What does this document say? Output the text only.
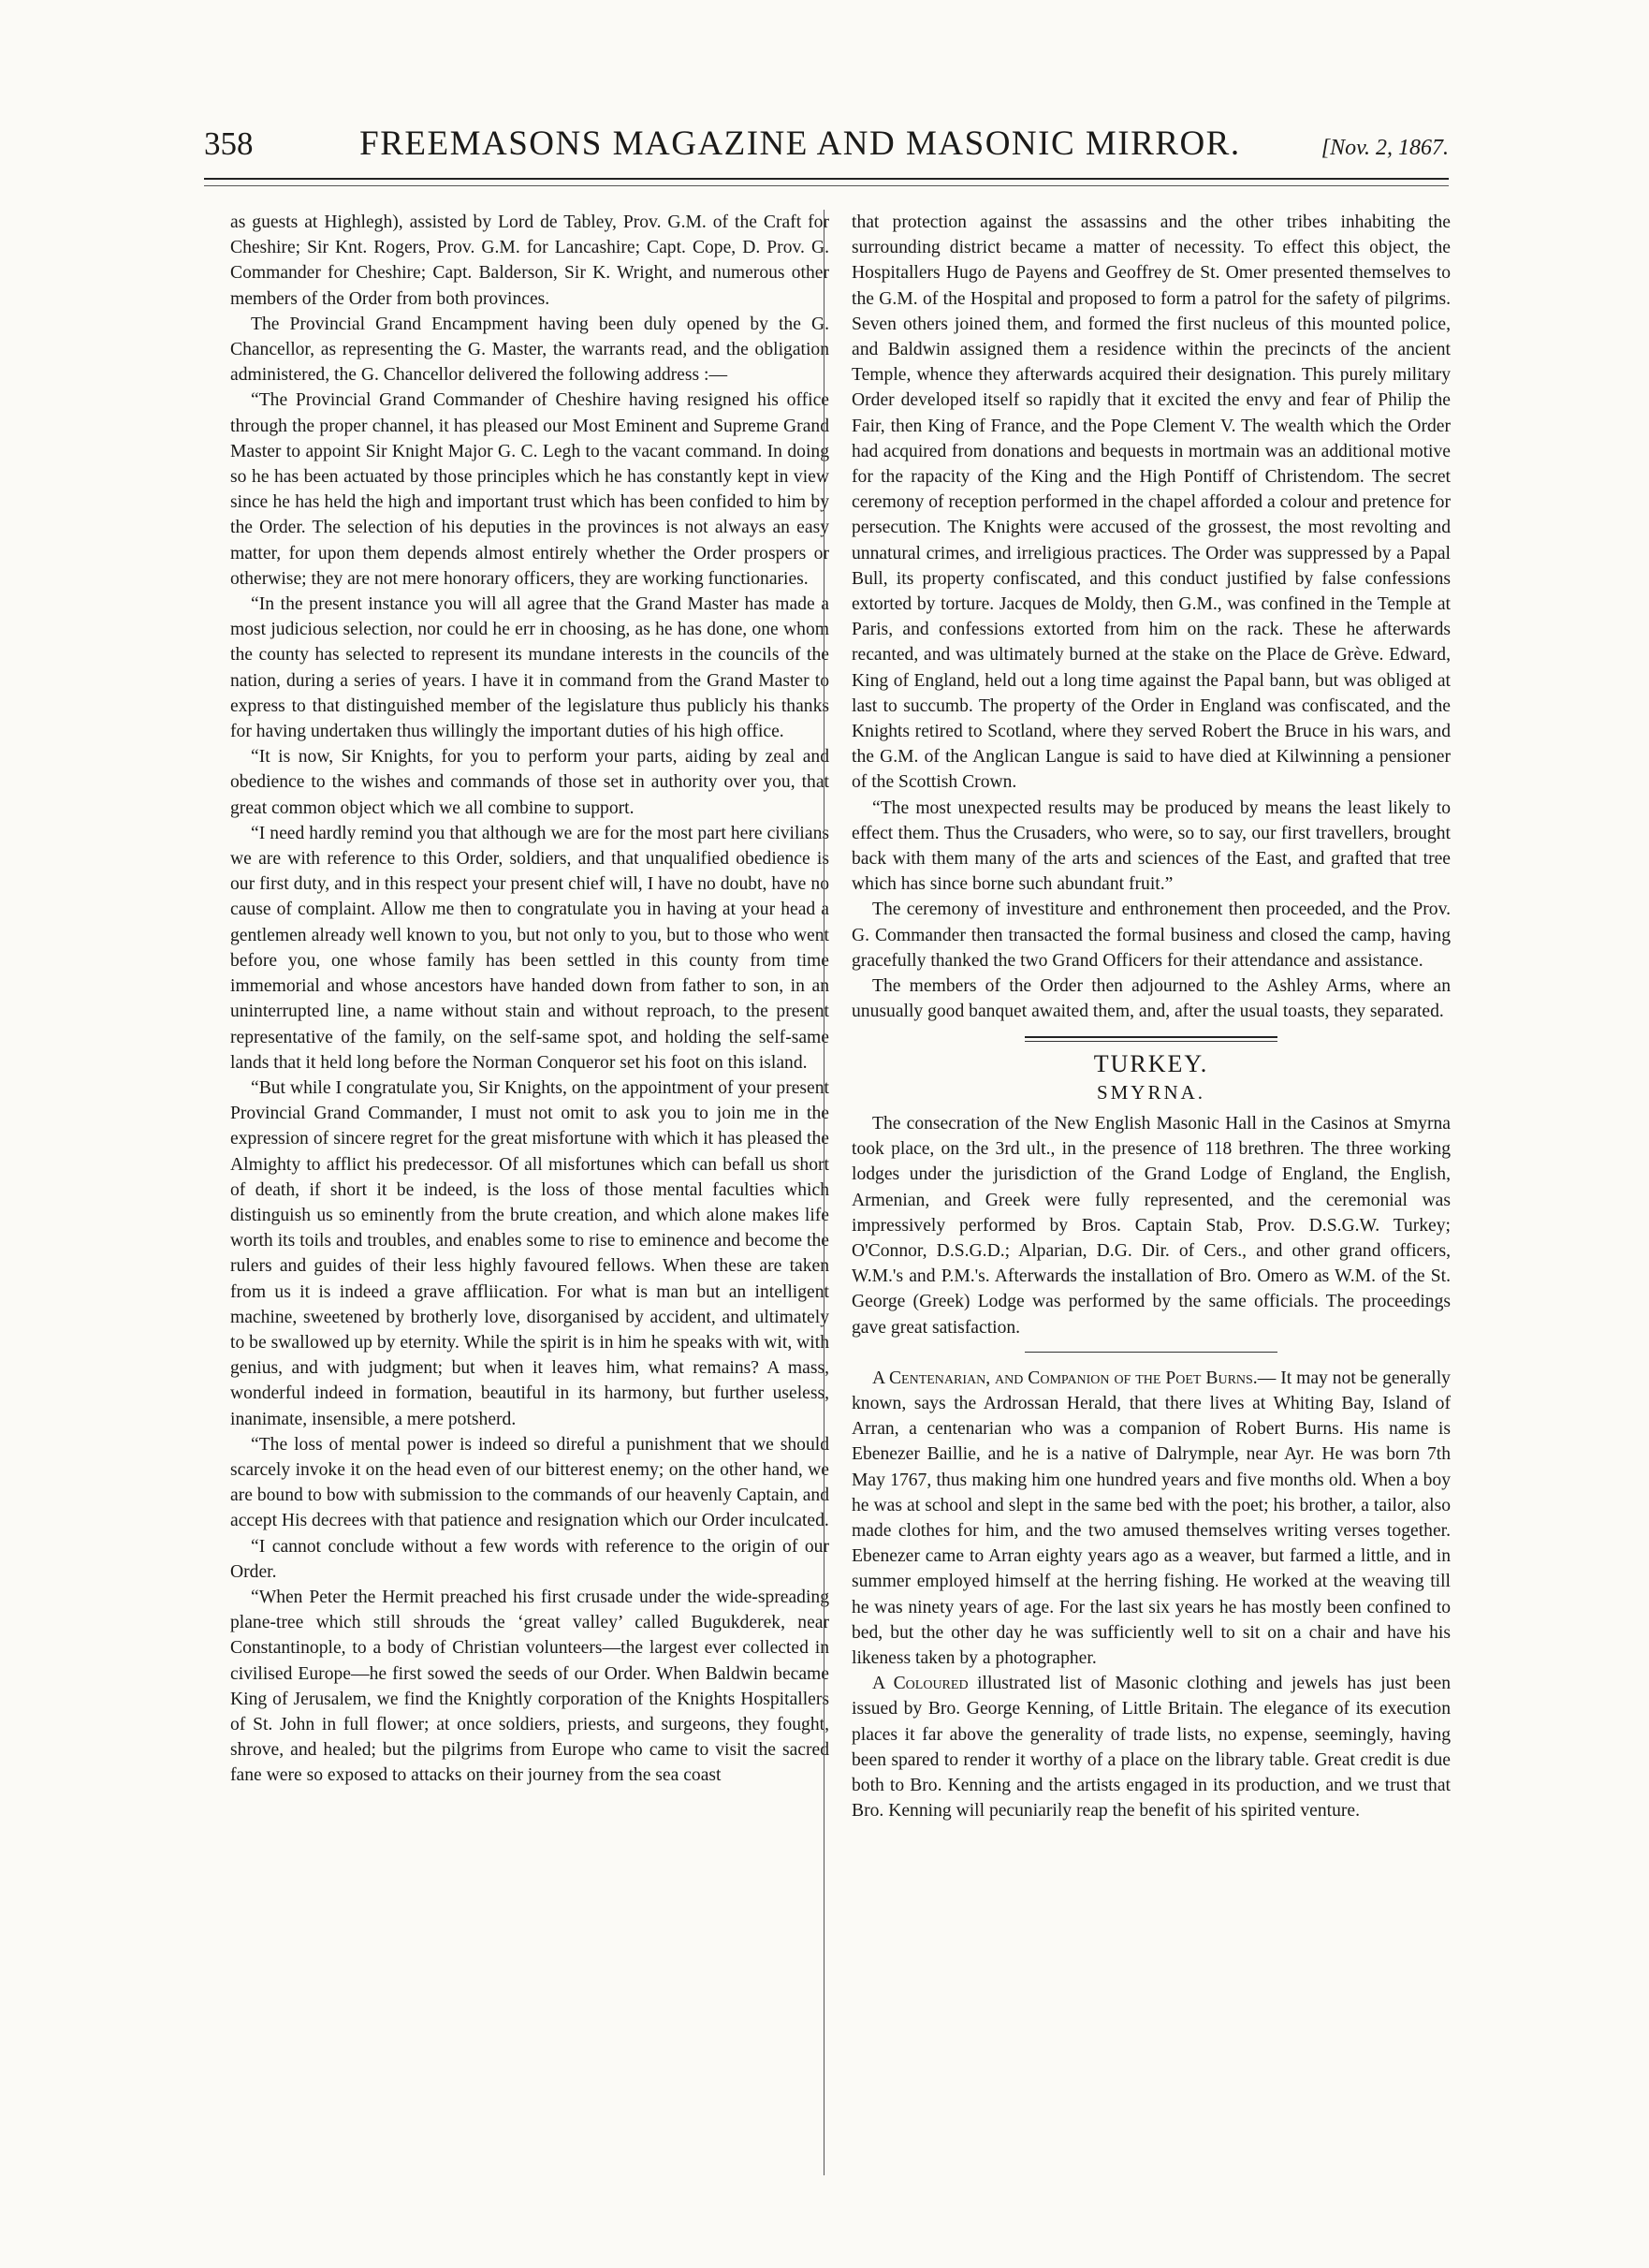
358	FREEMASONS MAGAZINE AND MASONIC MIRROR.	[Nov. 2, 1867.

as guests at Highlegh), assisted by Lord de Tabley, Prov. G.M. of the Craft for Cheshire; Sir Knt. Rogers, Prov. G.M. for Lancashire; Capt. Cope, D. Prov. G. Commander for Cheshire; Capt. Balderson, Sir K. Wright, and numerous other members of the Order from both provinces.

The Provincial Grand Encampment having been duly opened by the G. Chancellor, as representing the G. Master, the warrants read, and the obligation administered, the G. Chancellor delivered the following address :—

“The Provincial Grand Commander of Cheshire having resigned his office through the proper channel, it has pleased our Most Eminent and Supreme Grand Master to appoint Sir Knight Major G. C. Legh to the vacant command. In doing so he has been actuated by those principles which he has constantly kept in view since he has held the high and important trust which has been confided to him by the Order. The selection of his deputies in the provinces is not always an easy matter, for upon them depends almost entirely whether the Order prospers or otherwise; they are not mere honorary officers, they are working functionaries.

“In the present instance you will all agree that the Grand Master has made a most judicious selection, nor could he err in choosing, as he has done, one whom the county has selected to represent its mundane interests in the councils of the nation, during a series of years. I have it in command from the Grand Master to express to that distinguished member of the legislature thus publicly his thanks for having undertaken thus willingly the important duties of his high office.

“It is now, Sir Knights, for you to perform your parts, aiding by zeal and obedience to the wishes and commands of those set in authority over you, that great common object which we all combine to support.

“I need hardly remind you that although we are for the most part here civilians we are with reference to this Order, soldiers, and that unqualified obedience is our first duty, and in this respect your present chief will, I have no doubt, have no cause of complaint. Allow me then to congratulate you in having at your head a gentlemen already well known to you, but not only to you, but to those who went before you, one whose family has been settled in this county from time immemorial and whose ancestors have handed down from father to son, in an uninterrupted line, a name without stain and without reproach, to the present representative of the family, on the self-same spot, and holding the self-same lands that it held long before the Norman Conqueror set his foot on this island.

“But while I congratulate you, Sir Knights, on the appointment of your present Provincial Grand Commander, I must not omit to ask you to join me in the expression of sincere regret for the great misfortune with which it has pleased the Almighty to afflict his predecessor. Of all misfortunes which can befall us short of death, if short it be indeed, is the loss of those mental faculties which distinguish us so eminently from the brute creation, and which alone makes life worth its toils and troubles, and enables some to rise to eminence and become the rulers and guides of their less highly favoured fellows. When these are taken from us it is indeed a grave affliication. For what is man but an intelligent machine, sweetened by brotherly love, disorganised by accident, and ultimately to be swallowed up by eternity. While the spirit is in him he speaks with wit, with genius, and with judgment; but when it leaves him, what remains? A mass, wonderful indeed in formation, beautiful in its harmony, but further useless, inanimate, insensible, a mere potsherd.

“The loss of mental power is indeed so direful a punishment that we should scarcely invoke it on the head even of our bitterest enemy; on the other hand, we are bound to bow with submission to the commands of our heavenly Captain, and accept His decrees with that patience and resignation which our Order inculcated.

“I cannot conclude without a few words with reference to the origin of our Order.

“When Peter the Hermit preached his first crusade under the wide-spreading plane-tree which still shrouds the ‘great valley’ called Bugukderek, near Constantinople, to a body of Christian volunteers—the largest ever collected in civilised Europe—he first sowed the seeds of our Order. When Baldwin became King of Jerusalem, we find the Knightly corporation of the Knights Hospitallers of St. John in full flower; at once soldiers, priests, and surgeons, they fought, shrove, and healed; but the pilgrims from Europe who came to visit the sacred fane were so exposed to attacks on their journey from the sea coast

that protection against the assassins and the other tribes inhabiting the surrounding district became a matter of necessity. To effect this object, the Hospitallers Hugo de Payens and Geoffrey de St. Omer presented themselves to the G.M. of the Hospital and proposed to form a patrol for the safety of pilgrims. Seven others joined them, and formed the first nucleus of this mounted police, and Baldwin assigned them a residence within the precincts of the ancient Temple, whence they afterwards acquired their designation. This purely military Order developed itself so rapidly that it excited the envy and fear of Philip the Fair, then King of France, and the Pope Clement V. The wealth which the Order had acquired from donations and bequests in mortmain was an additional motive for the rapacity of the King and the High Pontiff of Christendom. The secret ceremony of reception performed in the chapel afforded a colour and pretence for persecution. The Knights were accused of the grossest, the most revolting and unnatural crimes, and irreligious practices. The Order was suppressed by a Papal Bull, its property confiscated, and this conduct justified by false confessions extorted by torture. Jacques de Moldy, then G.M., was confined in the Temple at Paris, and confessions extorted from him on the rack. These he afterwards recanted, and was ultimately burned at the stake on the Place de Grève. Edward, King of England, held out a long time against the Papal bann, but was obliged at last to succumb. The property of the Order in England was confiscated, and the Knights retired to Scotland, where they served Robert the Bruce in his wars, and the G.M. of the Anglican Langue is said to have died at Kilwinning a pensioner of the Scottish Crown.

“The most unexpected results may be produced by means the least likely to effect them. Thus the Crusaders, who were, so to say, our first travellers, brought back with them many of the arts and sciences of the East, and grafted that tree which has since borne such abundant fruit.”

The ceremony of investiture and enthronement then proceeded, and the Prov. G. Commander then transacted the formal business and closed the camp, having gracefully thanked the two Grand Officers for their attendance and assistance.

The members of the Order then adjourned to the Ashley Arms, where an unusually good banquet awaited them, and, after the usual toasts, they separated.

TURKEY.
SMYRNA.

The consecration of the New English Masonic Hall in the Casinos at Smyrna took place, on the 3rd ult., in the presence of 118 brethren. The three working lodges under the jurisdiction of the Grand Lodge of England, the English, Armenian, and Greek were fully represented, and the ceremonial was impressively performed by Bros. Captain Stab, Prov. D.S.G.W. Turkey; O'Connor, D.S.G.D.; Alparian, D.G. Dir. of Cers., and other grand officers, W.M.'s and P.M.'s. Afterwards the installation of Bro. Omero as W.M. of the St. George (Greek) Lodge was performed by the same officials. The proceedings gave great satisfaction.

A Centenarian, and Companion of the Poet Burns.— It may not be generally known, says the Ardrossan Herald, that there lives at Whiting Bay, Island of Arran, a centenarian who was a companion of Robert Burns. His name is Ebenezer Baillie, and he is a native of Dalrymple, near Ayr. He was born 7th May 1767, thus making him one hundred years and five months old. When a boy he was at school and slept in the same bed with the poet; his brother, a tailor, also made clothes for him, and the two amused themselves writing verses together. Ebenezer came to Arran eighty years ago as a weaver, but farmed a little, and in summer employed himself at the herring fishing. He worked at the weaving till he was ninety years of age. For the last six years he has mostly been confined to bed, but the other day he was sufficiently well to sit on a chair and have his likeness taken by a photographer.

A Coloured illustrated list of Masonic clothing and jewels has just been issued by Bro. George Kenning, of Little Britain. The elegance of its execution places it far above the generality of trade lists, no expense, seemingly, having been spared to render it worthy of a place on the library table. Great credit is due both to Bro. Kenning and the artists engaged in its production, and we trust that Bro. Kenning will pecuniarily reap the benefit of his spirited venture.
